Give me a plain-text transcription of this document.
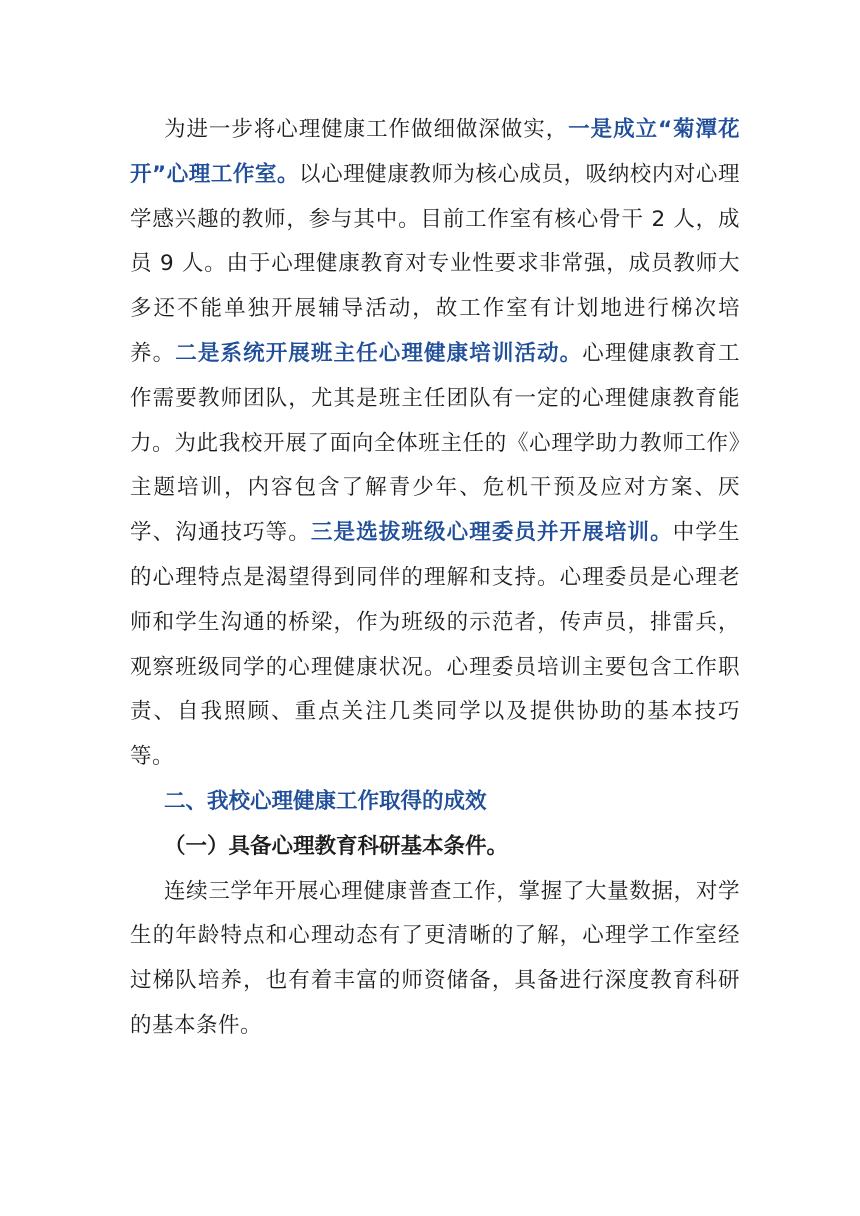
为进一步将心理健康工作做细做深做实，一是成立“菊潭花开”心理工作室。以心理健康教师为核心成员，吸纳校内对心理学感兴趣的教师，参与其中。目前工作室有核心骨干 2 人，成员 9 人。由于心理健康教育对专业性要求非常强，成员教师大多还不能单独开展辅导活动，故工作室有计划地进行梯次培养。二是系统开展班主任心理健康培训活动。心理健康教育工作需要教师团队，尤其是班主任团队有一定的心理健康教育能力。为此我校开展了面向全体班主任的《心理学助力教师工作》主题培训，内容包含了解青少年、危机干预及应对方案、厌学、沟通技巧等。三是选拔班级心理委员并开展培训。中学生的心理特点是渴望得到同伴的理解和支持。心理委员是心理老师和学生沟通的桥梁，作为班级的示范者，传声员，排雷兵，观察班级同学的心理健康状况。心理委员培训主要包含工作职责、自我照顾、重点关注几类同学以及提供协助的基本技巧等。

二、我校心理健康工作取得的成效

（一）具备心理教育科研基本条件。

连续三学年开展心理健康普查工作，掌握了大量数据，对学生的年龄特点和心理动态有了更清晰的了解，心理学工作室经过梯队培养，也有着丰富的师资储备，具备进行深度教育科研的基本条件。
